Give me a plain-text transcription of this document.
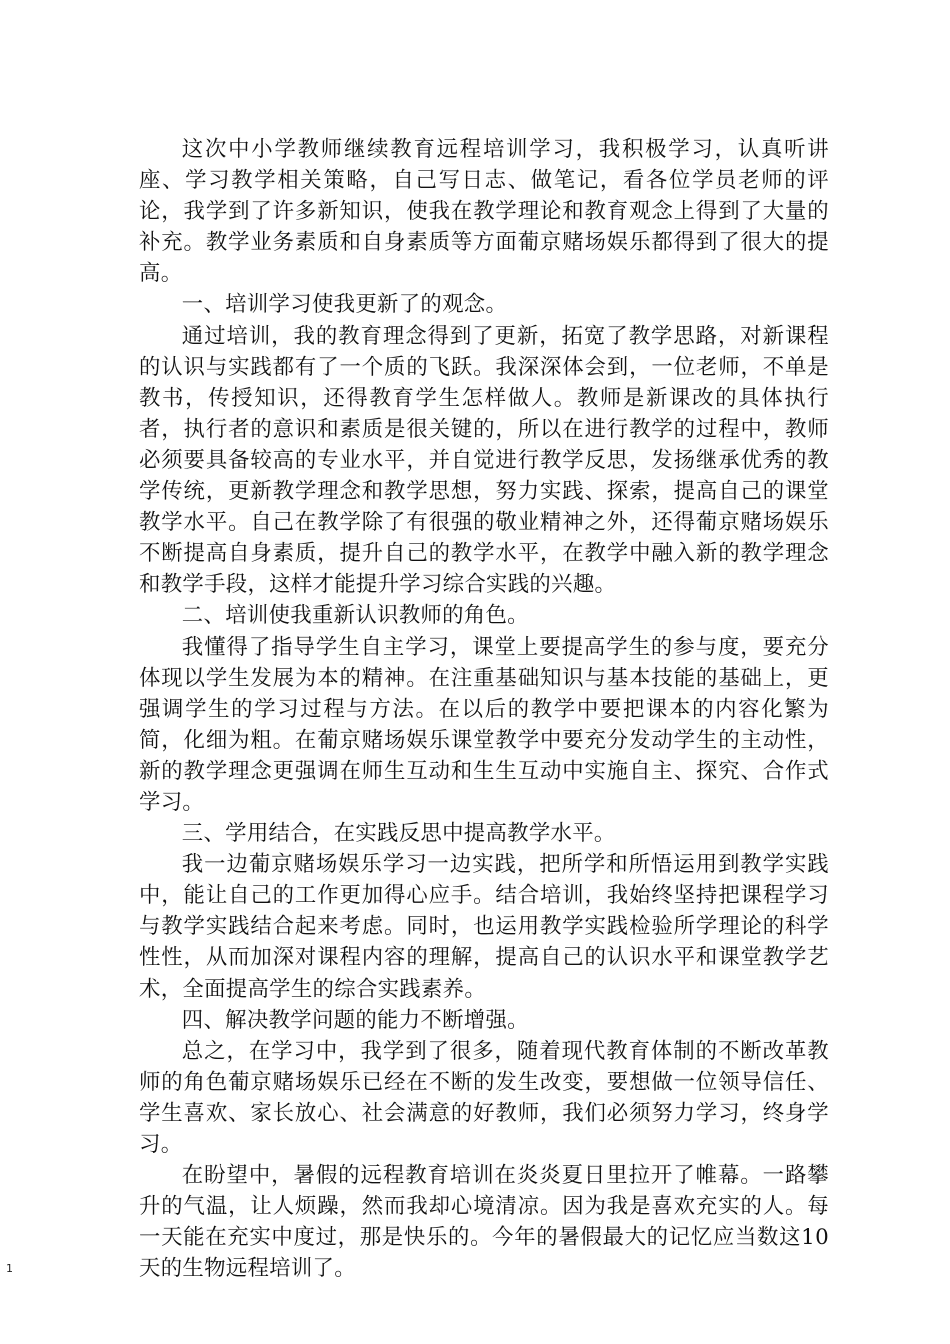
这次中小学教师继续教育远程培训学习，我积极学习，认真听讲座、学习教学相关策略，自己写日志、做笔记，看各位学员老师的评论，我学到了许多新知识，使我在教学理论和教育观念上得到了大量的补充。教学业务素质和自身素质等方面葡京赌场娱乐都得到了很大的提高。

一、培训学习使我更新了的观念。

通过培训，我的教育理念得到了更新，拓宽了教学思路，对新课程的认识与实践都有了一个质的飞跃。我深深体会到，一位老师，不单是教书，传授知识，还得教育学生怎样做人。教师是新课改的具体执行者，执行者的意识和素质是很关键的，所以在进行教学的过程中，教师必须要具备较高的专业水平，并自觉进行教学反思，发扬继承优秀的教学传统，更新教学理念和教学思想，努力实践、探索，提高自己的课堂教学水平。自己在教学除了有很强的敬业精神之外，还得葡京赌场娱乐不断提高自身素质，提升自己的教学水平，在教学中融入新的教学理念和教学手段，这样才能提升学习综合实践的兴趣。

二、培训使我重新认识教师的角色。

我懂得了指导学生自主学习，课堂上要提高学生的参与度，要充分体现以学生发展为本的精神。在注重基础知识与基本技能的基础上，更强调学生的学习过程与方法。在以后的教学中要把课本的内容化繁为简，化细为粗。在葡京赌场娱乐课堂教学中要充分发动学生的主动性，新的教学理念更强调在师生互动和生生互动中实施自主、探究、合作式学习。

三、学用结合，在实践反思中提高教学水平。

我一边葡京赌场娱乐学习一边实践，把所学和所悟运用到教学实践中，能让自己的工作更加得心应手。结合培训，我始终坚持把课程学习与教学实践结合起来考虑。同时，也运用教学实践检验所学理论的科学性性，从而加深对课程内容的理解，提高自己的认识水平和课堂教学艺术，全面提高学生的综合实践素养。

四、解决教学问题的能力不断增强。

总之，在学习中，我学到了很多，随着现代教育体制的不断改革教师的角色葡京赌场娱乐已经在不断的发生改变，要想做一位领导信任、学生喜欢、家长放心、社会满意的好教师，我们必须努力学习，终身学习。

在盼望中，暑假的远程教育培训在炎炎夏日里拉开了帷幕。一路攀升的气温，让人烦躁，然而我却心境清凉。因为我是喜欢充实的人。每一天能在充实中度过，那是快乐的。今年的暑假最大的记忆应当数这10天的生物远程培训了。

1
